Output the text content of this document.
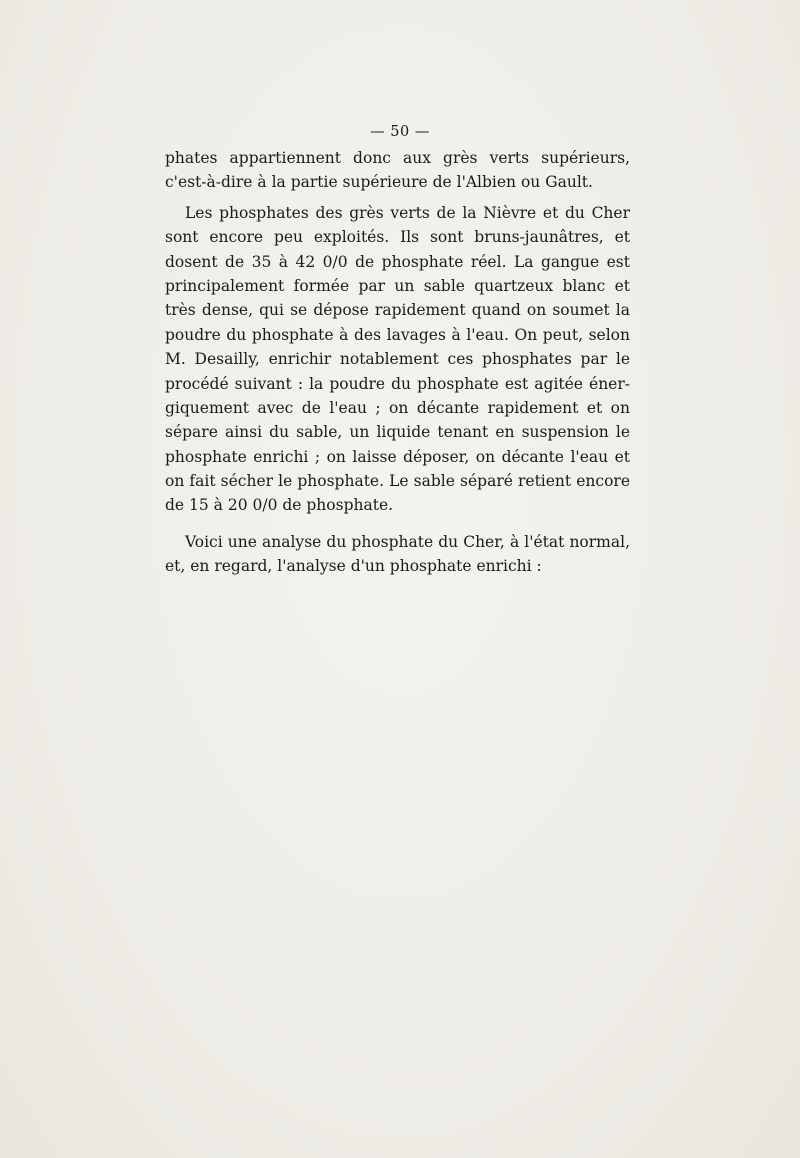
— 50 —
phates appartiennent donc aux grès verts supérieurs,
c'est-à-dire à la partie supérieure de l'Albien ou Gault.
Les phosphates des grès verts de la Nièvre et du Cher
sont encore peu exploités. Ils sont bruns-jaunâtres, et
dosent de 35 à 42 0/0 de phosphate réel. La gangue est
principalement formée par un sable quartzeux blanc et
très dense, qui se dépose rapidement quand on soumet la
poudre du phosphate à des lavages à l'eau. On peut, selon
M. Desailly, enrichir notablement ces phosphates par le
procédé suivant : la poudre du phosphate est agitée éner-
giquement avec de l'eau ; on décante rapidement et on
sépare ainsi du sable, un liquide tenant en suspension le
phosphate enrichi ; on laisse déposer, on décante l'eau et
on fait sécher le phosphate. Le sable séparé retient encore
de 15 à 20 0/0 de phosphate.
Voici une analyse du phosphate du Cher, à l'état normal,
et, en regard, l'analyse d'un phosphate enrichi :
